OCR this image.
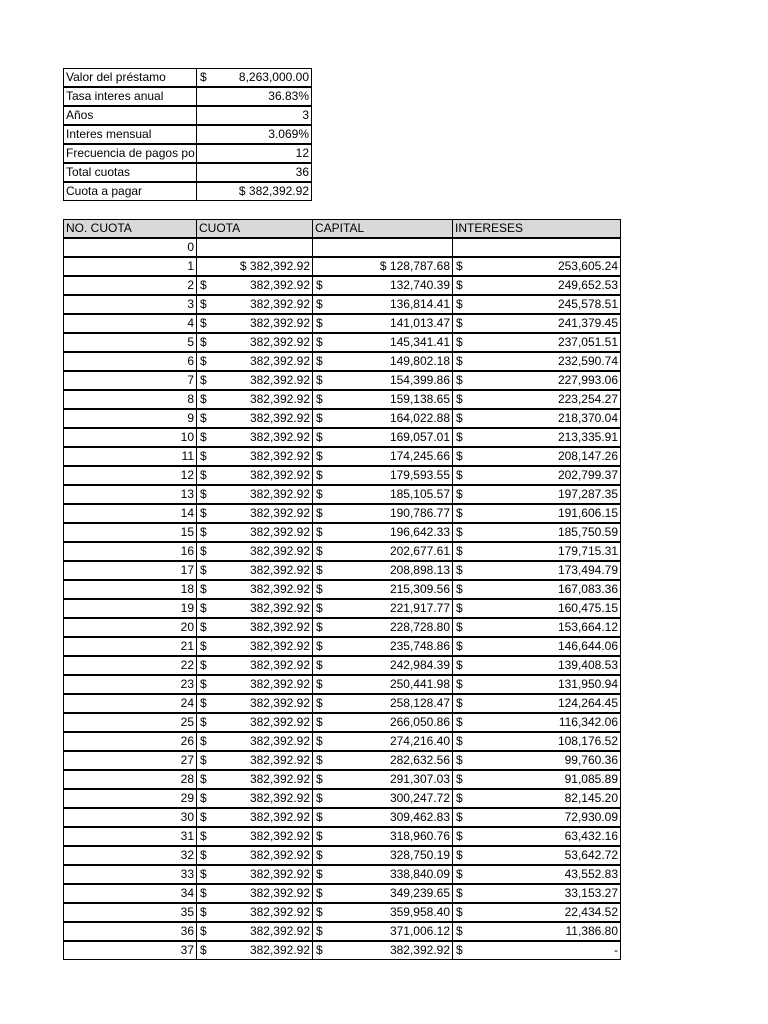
Valor del préstamo	$	8,263,000.00
Tasa interes anual	36.83%
Años	3
Interes mensual	3.069%
Frecuencia de pagos po	12
Total cuotas	36
Cuota a pagar	$ 382,392.92
NO. CUOTA	CUOTA	CAPITAL	INTERESES
0
1	$ 382,392.92	$ 128,787.68 $	253,605.24
2 $	382,392.92 $	132,740.39 $	249,652.53
3 $	382,392.92 $	136,814.41 $	245,578.51
4 $	382,392.92 $	141,013.47 $	241,379.45
5 $	382,392.92 $	145,341.41 $	237,051.51
6 $	382,392.92 $	149,802.18 $	232,590.74
7 $	382,392.92 $	154,399.86 $	227,993.06
8 $	382,392.92 $	159,138.65 $	223,254.27
9 $	382,392.92 $	164,022.88 $	218,370.04
10 $	382,392.92 $	169,057.01 $	213,335.91
11 $	382,392.92 $	174,245.66 $	208,147.26
12 $	382,392.92 $	179,593.55 $	202,799.37
13 $	382,392.92 $	185,105.57 $	197,287.35
14 $	382,392.92 $	190,786.77 $	191,606.15
15 $	382,392.92 $	196,642.33 $	185,750.59
16 $	382,392.92 $	202,677.61 $	179,715.31
17 $	382,392.92 $	208,898.13 $	173,494.79
18 $	382,392.92 $	215,309.56 $	167,083.36
19 $	382,392.92 $	221,917.77 $	160,475.15
20 $	382,392.92 $	228,728.80 $	153,664.12
21 $	382,392.92 $	235,748.86 $	146,644.06
22 $	382,392.92 $	242,984.39 $	139,408.53
23 $	382,392.92 $	250,441.98 $	131,950.94
24 $	382,392.92 $	258,128.47 $	124,264.45
25 $	382,392.92 $	266,050.86 $	116,342.06
26 $	382,392.92 $	274,216.40 $	108,176.52
27 $	382,392.92 $	282,632.56 $	99,760.36
28 $	382,392.92 $	291,307.03 $	91,085.89
29 $	382,392.92 $	300,247.72 $	82,145.20
30 $	382,392.92 $	309,462.83 $	72,930.09
31 $	382,392.92 $	318,960.76 $	63,432.16
32 $	382,392.92 $	328,750.19 $	53,642.72
33 $	382,392.92 $	338,840.09 $	43,552.83
34 $	382,392.92 $	349,239.65 $	33,153.27
35 $	382,392.92 $	359,958.40 $	22,434.52
36 $	382,392.92 $	371,006.12 $	11,386.80
37 $	382,392.92 $	382,392.92 $	-
